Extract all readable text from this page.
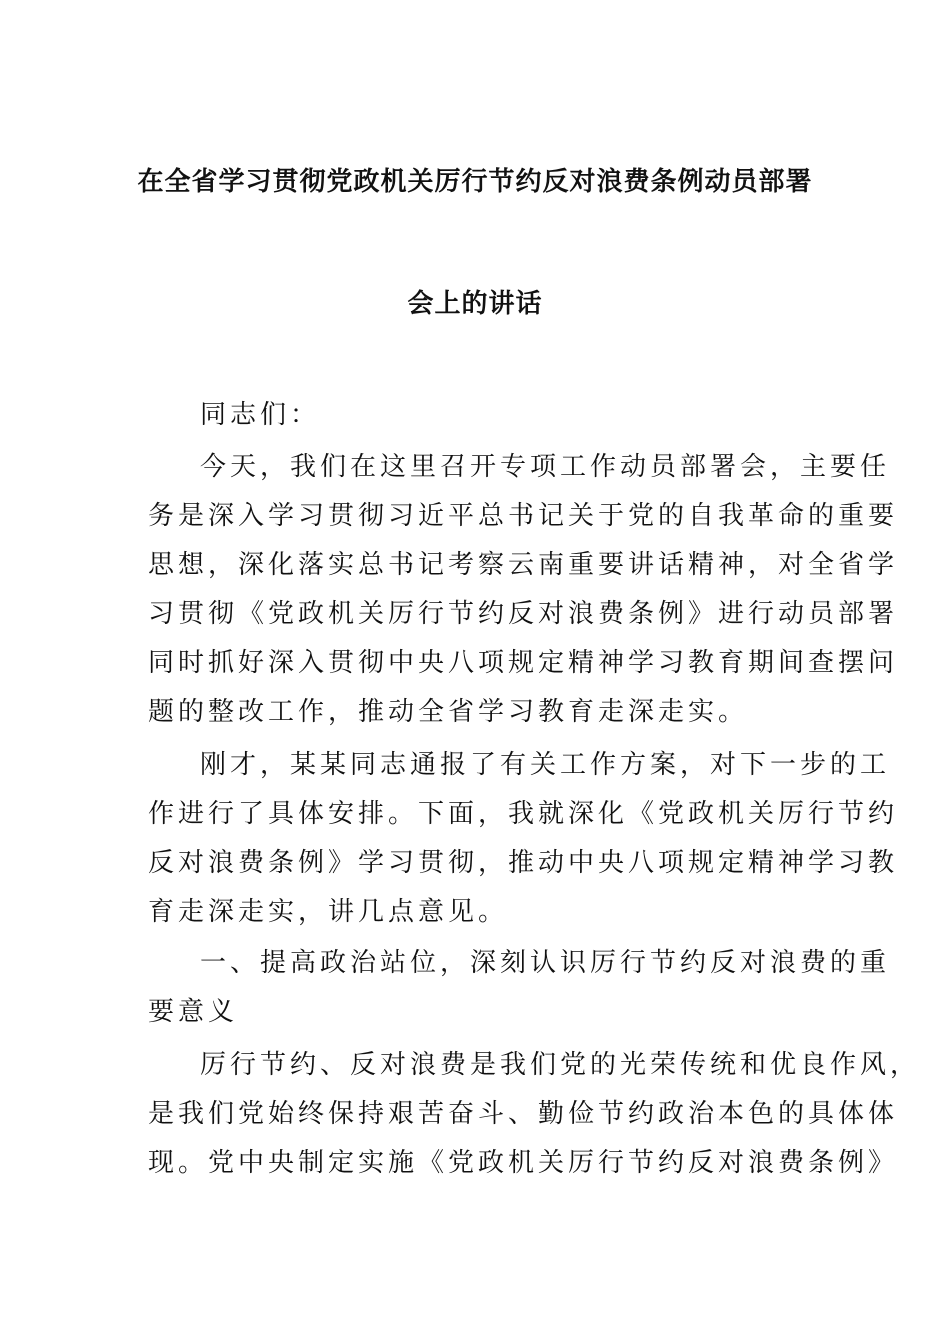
在全省学习贯彻党政机关厉行节约反对浪费条例动员部署
会上的讲话
同志们：
今天，我们在这里召开专项工作动员部署会，主要任
务是深入学习贯彻习近平总书记关于党的自我革命的重要
思想，深化落实总书记考察云南重要讲话精神，对全省学
习贯彻《党政机关厉行节约反对浪费条例》进行动员部署
同时抓好深入贯彻中央八项规定精神学习教育期间查摆问
题的整改工作，推动全省学习教育走深走实。
刚才，某某同志通报了有关工作方案，对下一步的工
作进行了具体安排。下面，我就深化《党政机关厉行节约
反对浪费条例》学习贯彻，推动中央八项规定精神学习教
育走深走实，讲几点意见。
一、提高政治站位，深刻认识厉行节约反对浪费的重
要意义
厉行节约、反对浪费是我们党的光荣传统和优良作风，
是我们党始终保持艰苦奋斗、勤俭节约政治本色的具体体
现。党中央制定实施《党政机关厉行节约反对浪费条例》
